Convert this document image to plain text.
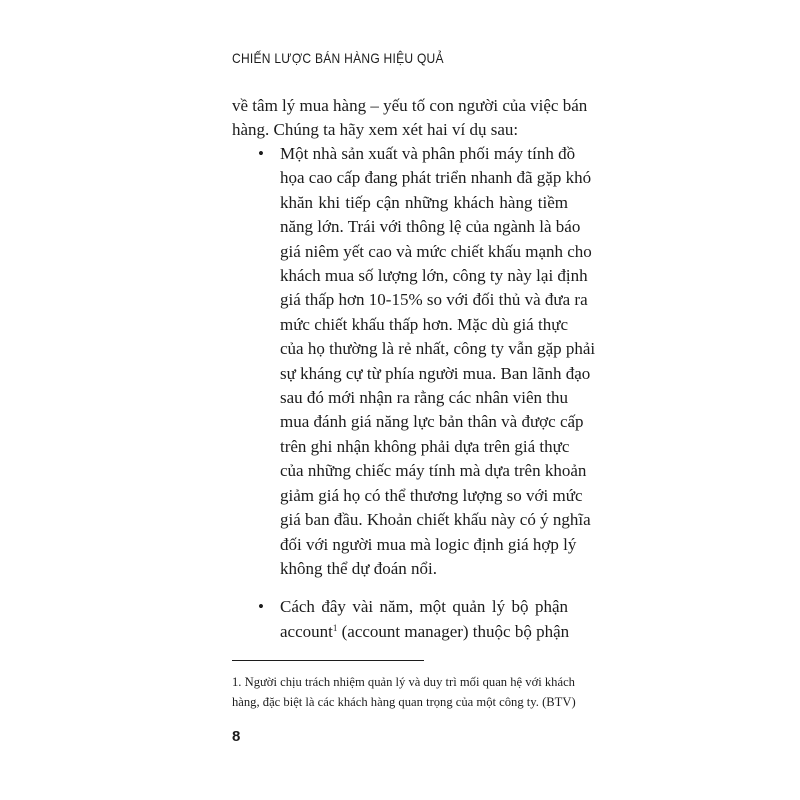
CHIẾN LƯỢC BÁN HÀNG HIỆU QUẢ
về tâm lý mua hàng – yếu tố con người của việc bán
hàng. Chúng ta hãy xem xét hai ví dụ sau:
• Một nhà sản xuất và phân phối máy tính đồ
họa cao cấp đang phát triển nhanh đã gặp khó
khăn khi tiếp cận những khách hàng tiềm
năng lớn. Trái với thông lệ của ngành là báo
giá niêm yết cao và mức chiết khấu mạnh cho
khách mua số lượng lớn, công ty này lại định
giá thấp hơn 10-15% so với đối thủ và đưa ra
mức chiết khấu thấp hơn. Mặc dù giá thực
của họ thường là rẻ nhất, công ty vẫn gặp phải
sự kháng cự từ phía người mua. Ban lãnh đạo
sau đó mới nhận ra rằng các nhân viên thu
mua đánh giá năng lực bản thân và được cấp
trên ghi nhận không phải dựa trên giá thực
của những chiếc máy tính mà dựa trên khoản
giảm giá họ có thể thương lượng so với mức
giá ban đầu. Khoản chiết khấu này có ý nghĩa
đối với người mua mà logic định giá hợp lý
không thể dự đoán nổi.
• Cách đây vài năm, một quản lý bộ phận
account$^1$ (account manager) thuộc bộ phận
1. Người chịu trách nhiệm quản lý và duy trì mối quan hệ với khách
hàng, đặc biệt là các khách hàng quan trọng của một công ty. (BTV)
8
